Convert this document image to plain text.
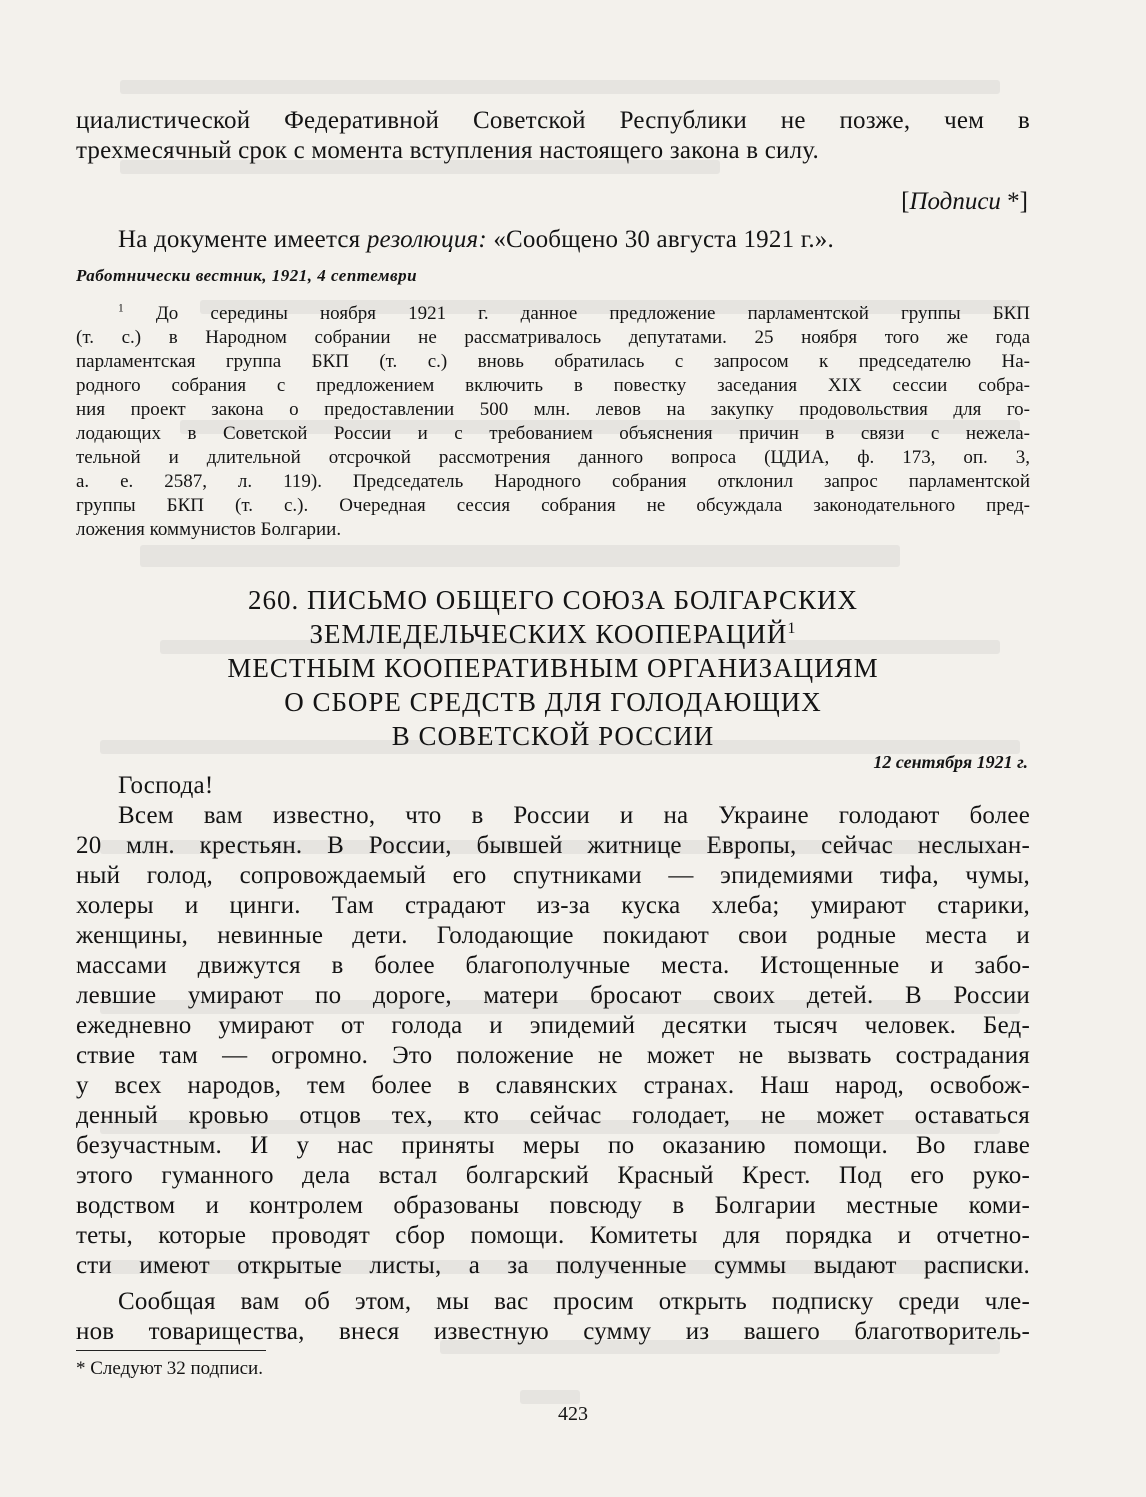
циалистической Федеративной Советской Республики не позже, чем в
трехмесячный срок с момента вступления настоящего закона в силу.
[Подписи *]
На документе имеется резолюция: «Сообщено 30 августа 1921 г.».
Работнически вестник, 1921, 4 септември
$^1$ До середины ноября 1921 г. данное предложение парламентской группы БКП
(т. с.) в Народном собрании не рассматривалось депутатами. 25 ноября того же года
парламентская группа БКП (т. с.) вновь обратилась с запросом к председателю На-
родного собрания с предложением включить в повестку заседания XIX сессии собра-
ния проект закона о предоставлении 500 млн. левов на закупку продовольствия для го-
лодающих в Советской России и с требованием объяснения причин в связи с нежела-
тельной и длительной отсрочкой рассмотрения данного вопроса (ЦДИА, ф. 173, оп. 3,
а. е. 2587, л. 119). Председатель Народного собрания отклонил запрос парламентской
группы БКП (т. с.). Очередная сессия собрания не обсуждала законодательного пред-
ложения коммунистов Болгарии.
260. ПИСЬМО ОБЩЕГО СОЮЗА БОЛГАРСКИХ
ЗЕМЛЕДЕЛЬЧЕСКИХ КООПЕРАЦИЙ$^1$
МЕСТНЫМ КООПЕРАТИВНЫМ ОРГАНИЗАЦИЯМ
О СБОРЕ СРЕДСТВ ДЛЯ ГОЛОДАЮЩИХ
В СОВЕТСКОЙ РОССИИ
12 сентября 1921 г.
Господа!
Всем вам известно, что в России и на Украине голодают более
20 млн. крестьян. В России, бывшей житнице Европы, сейчас неслыхан-
ный голод, сопровождаемый его спутниками — эпидемиями тифа, чумы,
холеры и цинги. Там страдают из-за куска хлеба; умирают старики,
женщины, невинные дети. Голодающие покидают свои родные места и
массами движутся в более благополучные места. Истощенные и забо-
левшие умирают по дороге, матери бросают своих детей. В России
ежедневно умирают от голода и эпидемий десятки тысяч человек. Бед-
ствие там — огромно. Это положение не может не вызвать сострадания
у всех народов, тем более в славянских странах. Наш народ, освобож-
денный кровью отцов тех, кто сейчас голодает, не может оставаться
безучастным. И у нас приняты меры по оказанию помощи. Во главе
этого гуманного дела встал болгарский Красный Крест. Под его руко-
водством и контролем образованы повсюду в Болгарии местные коми-
теты, которые проводят сбор помощи. Комитеты для порядка и отчетно-
сти имеют открытые листы, а за полученные суммы выдают расписки.
Сообщая вам об этом, мы вас просим открыть подписку среди чле-
нов товарищества, внеся известную сумму из вашего благотворитель-
* Следуют 32 подписи.
423
